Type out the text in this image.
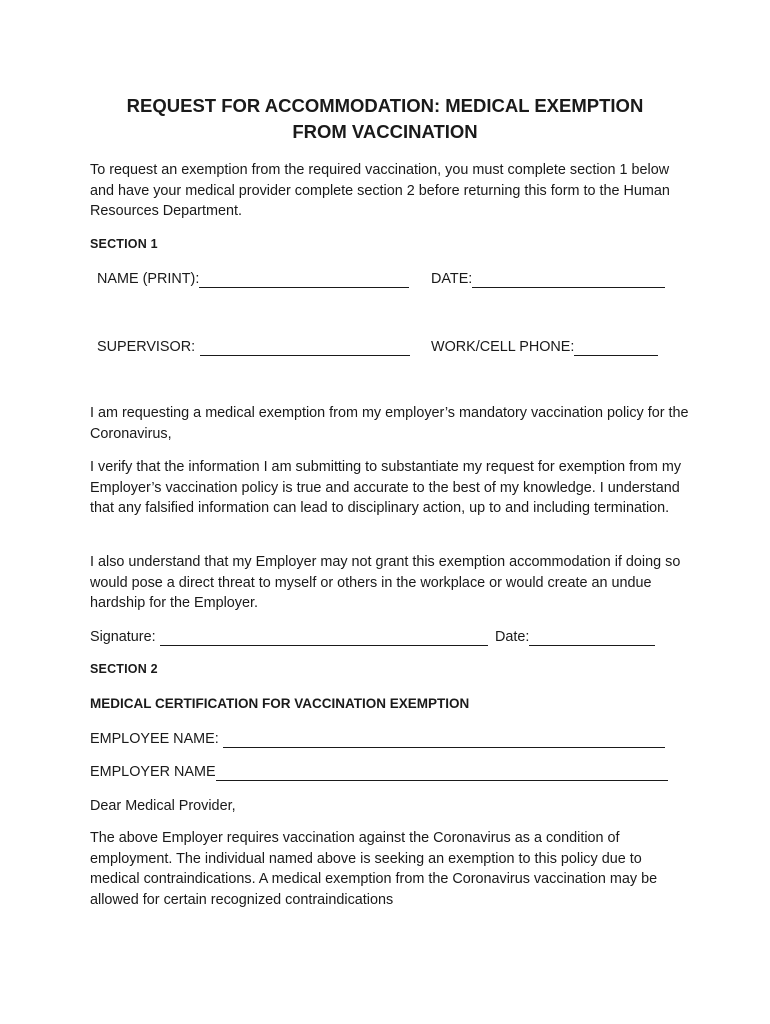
REQUEST FOR ACCOMMODATION: MEDICAL EXEMPTION
FROM VACCINATION

To request an exemption from the required vaccination, you must complete section 1 below and have your medical provider complete section 2 before returning this form to the Human Resources Department.

SECTION 1

NAME (PRINT):	DATE:
SUPERVISOR:	WORK/CELL PHONE:

I am requesting a medical exemption from my employer’s mandatory vaccination policy for the Coronavirus,

I verify that the information I am submitting to substantiate my request for exemption from my Employer’s vaccination policy is true and accurate to the best of my knowledge. I understand that any falsified information can lead to disciplinary action, up to and including termination.

I also understand that my Employer may not grant this exemption accommodation if doing so would pose a direct threat to myself or others in the workplace or would create an undue hardship for the Employer.

Signature:	Date:

SECTION 2

MEDICAL CERTIFICATION FOR VACCINATION EXEMPTION

EMPLOYEE NAME:
EMPLOYER NAME

Dear Medical Provider,

The above Employer requires vaccination against the Coronavirus as a condition of employment. The individual named above is seeking an exemption to this policy due to medical contraindications. A medical exemption from the Coronavirus vaccination may be allowed for certain recognized contraindications
